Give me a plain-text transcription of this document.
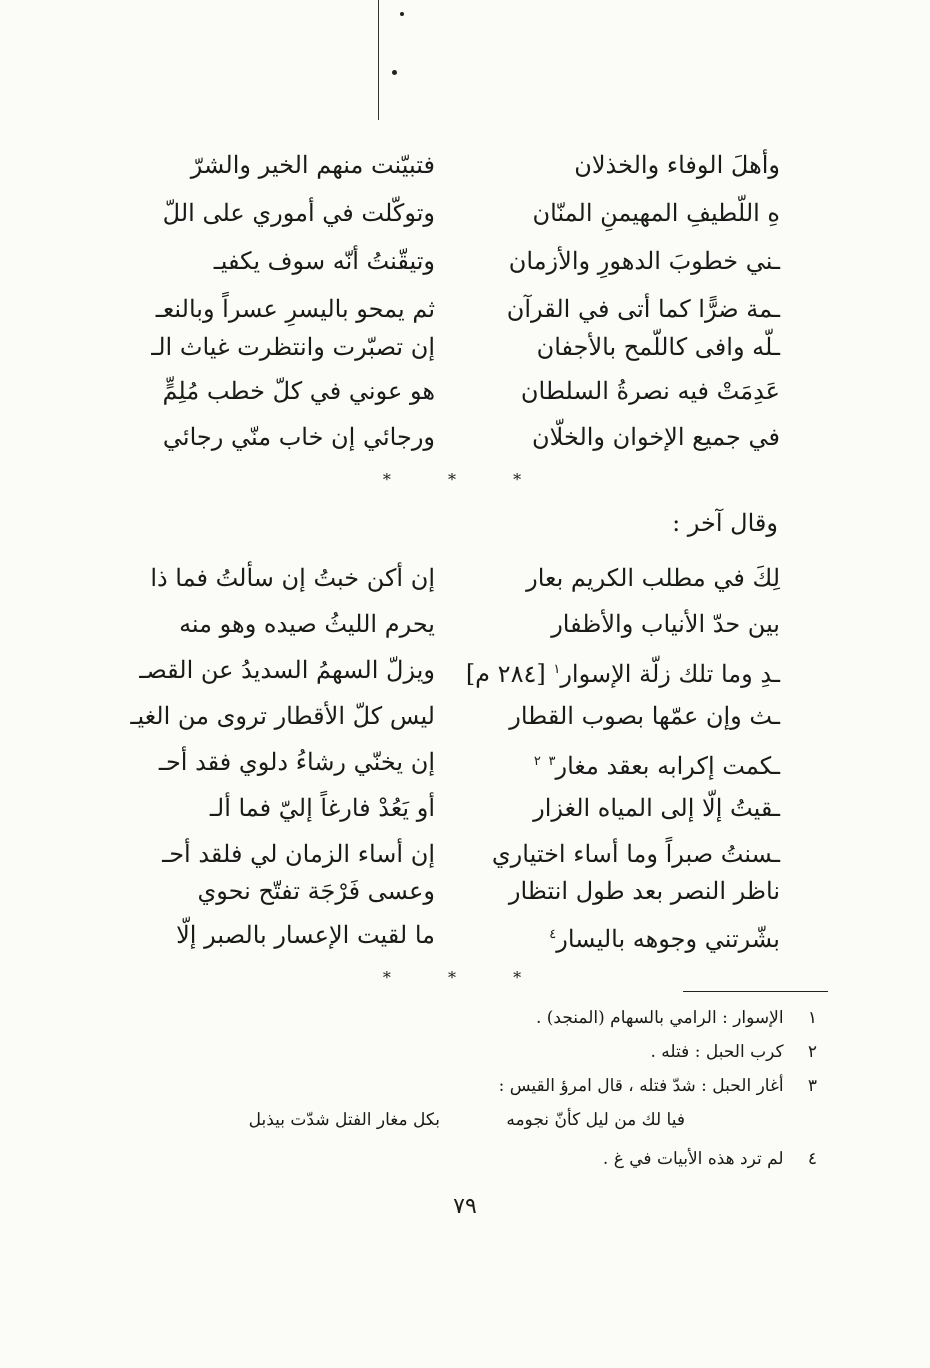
فتبيّنت منهم الخير والشرّ	وأهلَ الوفاء والخذلان
وتوكّلت في أموري على اللّ	هِ اللّطيفِ المهيمنِ المنّان
وتيقّنتُ أنّه سوف يكفيـ	ـني خطوبَ الدهورِ والأزمان
ثم يمحو باليسرِ عسراً وبالنعـ	ـمة ضرًّا كما أتى في القرآن
إن تصبّرت وانتظرت غياث الـ	ـلّه وافى كاللّمح بالأجفان
هو عوني في كلّ خطب مُلِمٍّ	عَدِمَتْ فيه نصرةُ السلطان
ورجائي إن خاب منّي رجائي	في جميع الإخوان والخلّان
* * *
وقال آخر :
إن أكن خبتُ إن سألتُ فما ذا	لِكَ في مطلب الكريم بعار
يحرم الليثُ صيده وهو منه	بين حدّ الأنياب والأظفار
ويزلّ السهمُ السديدُ عن القصـ	ـدِ وما تلك زلّة الإسوار$^١$ [٢٨٤ م]
ليس كلّ الأقطار تروى من الغيـ	ـث وإن عمّها بصوب القطار
إن يخنّي رشاءُ دلوي فقد أحـ	ـكمت إكرابه بعقد مغار$^٣$ $^٢$
أو يَعُدْ فارغاً إليّ فما ألـ	ـقيتُ إلّا إلى المياه الغزار
إن أساء الزمان لي فلقد أحـ ـسنتُ صبراً وما أساء اختياري
وعسى فَرْجَة تفتّح نحوي	ناظر النصر بعد طول انتظار
ما لقيت الإعسار بالصبر إلّا	بشّرتني وجوهه باليسار$^٤$
* * *
١ الإسوار : الرامي بالسهام (المنجد) .
٢ كرب الحبل : فتله .
٣ أغار الحبل : شدّ فتله ، قال امرؤ القيس :
فيا لك من ليل كأنّ نجومه
بكل مغار الفتل شدّت بيذبل
٤ لم ترد هذه الأبيات في غ .
٧٩
